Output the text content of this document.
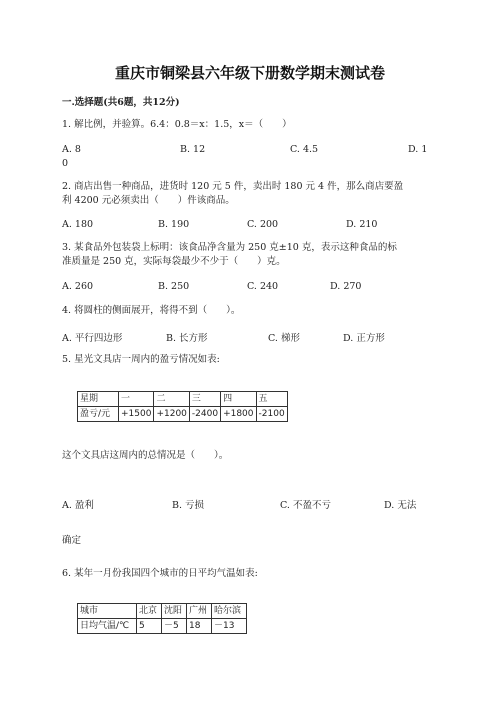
重庆市铜梁县六年级下册数学期末测试卷
一.选择题(共6题，共12分)
1. 解比例，并验算。6.4：0.8＝x：1.5，x＝（　　）
A. 8	B. 12	C. 4.5	D. 1
0
2. 商店出售一种商品，进货时 120 元 5 件，卖出时 180 元 4 件，那么商店要盈
利 4200 元必须卖出（　　）件该商品。
A. 180	B. 190	C. 200	D. 210
3. 某食品外包装袋上标明：该食品净含量为 250 克±10 克，表示这种食品的标
准质量是 250 克，实际每袋最少不少于（　　）克。
A. 260	B. 250	C. 240	D. 270
4. 将圆柱的侧面展开，将得不到（　　）。
A. 平行四边形	B. 长方形	C. 梯形	D. 正方形
5. 星光文具店一周内的盈亏情况如表:
星期	一	二	三	四	五
盈亏/元	+1500	+1200	-2400	+1800	-2100
这个文具店这周内的总情况是（　　）。
A. 盈利	B. 亏损	C. 不盈不亏	D. 无法
确定
6. 某年一月份我国四个城市的日平均气温如表:
城市	北京	沈阳	广州	哈尔滨
日均气温/℃	5	－5	18	－13
